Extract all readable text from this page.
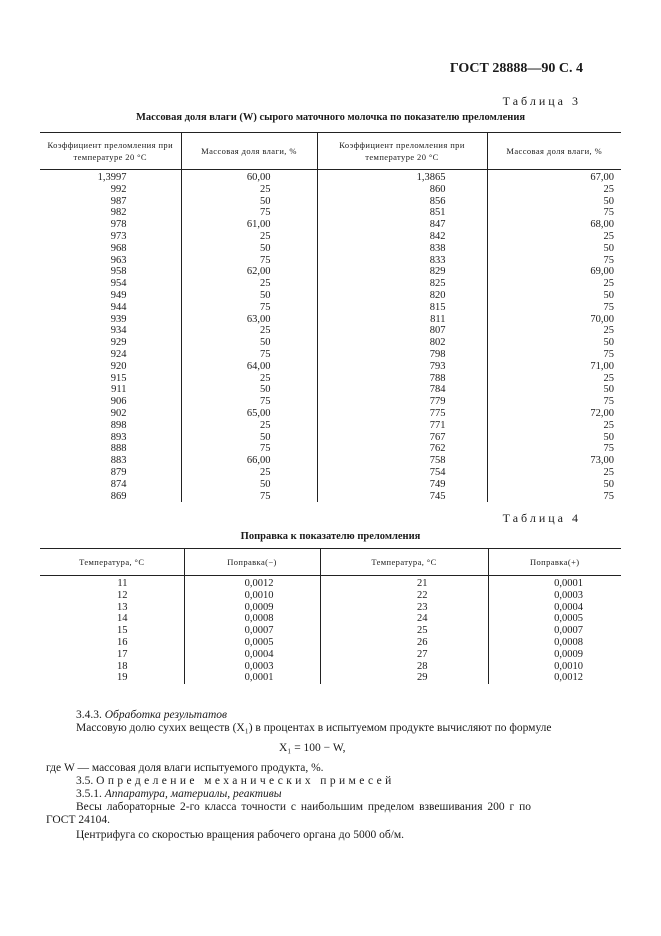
ГОСТ 28888—90 С. 4
Таблица 3
Массовая доля влаги (W) сырого маточного молочка по показателю преломления
Коэффициент преломления при температуре 20 °С	Массовая доля влаги, %	Коэффициент преломления при температуре 20 °С	Массовая доля влаги, %
1,3997	60,00	1,3865	67,00
992	25	860	25
987	50	856	50
982	75	851	75
978	61,00	847	68,00
973	25	842	25
968	50	838	50
963	75	833	75
958	62,00	829	69,00
954	25	825	25
949	50	820	50
944	75	815	75
939	63,00	811	70,00
934	25	807	25
929	50	802	50
924	75	798	75
920	64,00	793	71,00
915	25	788	25
911	50	784	50
906	75	779	75
902	65,00	775	72,00
898	25	771	25
893	50	767	50
888	75	762	75
883	66,00	758	73,00
879	25	754	25
874	50	749	50
869	75	745	75
Таблица 4
Поправка к показателю преломления
Температура, °С	Поправка(−)	Температура, °С	Поправка(+)
11	0,0012	21	0,0001
12	0,0010	22	0,0003
13	0,0009	23	0,0004
14	0,0008	24	0,0005
15	0,0007	25	0,0007
16	0,0005	26	0,0008
17	0,0004	27	0,0009
18	0,0003	28	0,0010
19	0,0001	29	0,0012
3.4.3. Обработка результатов
Массовую долю сухих веществ (X₁) в процентах в испытуемом продукте вычисляют по формуле
X₁ = 100 − W,
где W — массовая доля влаги испытуемого продукта, %.
3.5. Определение механических примесей
3.5.1. Аппаратура, материалы, реактивы
Весы лабораторные 2-го класса точности с наибольшим пределом взвешивания 200 г по
ГОСТ 24104.
Центрифуга со скоростью вращения рабочего органа до 5000 об/м.
